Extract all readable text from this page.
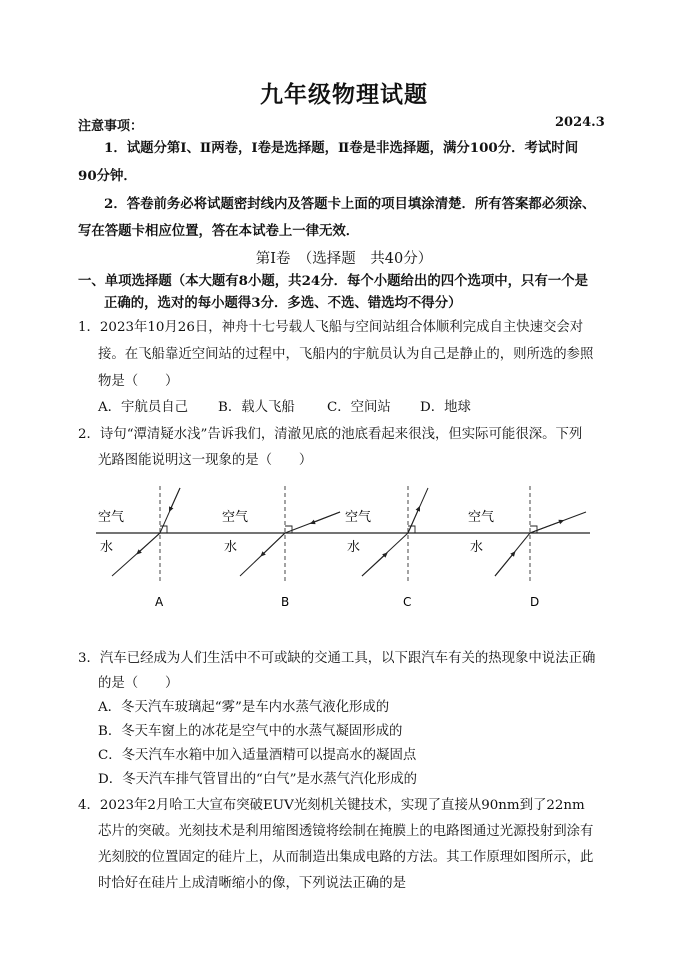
九年级物理试题
注意事项：	2024.3
1．试题分第Ⅰ、Ⅱ两卷，Ⅰ卷是选择题，Ⅱ卷是非选择题，满分100分．考试时间
90分钟．
2．答卷前务必将试题密封线内及答题卡上面的项目填涂清楚．所有答案都必须涂、
写在答题卡相应位置，答在本试卷上一律无效．
第Ⅰ卷　（选择题　共40分）
一、单项选择题（本大题有8小题，共24分．每个小题给出的四个选项中，只有一个是
正确的，选对的每小题得3分．多选、不选、错选均不得分）
1．2023年10月26日，神舟十七号载人飞船与空间站组合体顺利完成自主快速交会对
接。在飞船靠近空间站的过程中，飞船内的宇航员认为自己是静止的，则所选的参照
物是（　　）
A．宇航员自己 B．载人飞船 C．空间站 D．地球
2．诗句“潭清疑水浅”告诉我们，清澈见底的池底看起来很浅，但实际可能很深。下列
光路图能说明这一现象的是（　　）
空气
水
A
空气
水
B
空气
水
C
空气
水
D
3．汽车已经成为人们生活中不可或缺的交通工具，以下跟汽车有关的热现象中说法正确
的是（　　）
A．冬天汽车玻璃起“雾”是车内水蒸气液化形成的
B．冬天车窗上的冰花是空气中的水蒸气凝固形成的
C．冬天汽车水箱中加入适量酒精可以提高水的凝固点
D．冬天汽车排气管冒出的“白气”是水蒸气汽化形成的
4．2023年2月哈工大宣布突破EUV光刻机关键技术，实现了直接从90nm到了22nm
芯片的突破。光刻技术是利用缩图透镜将绘制在掩膜上的电路图通过光源投射到涂有
光刻胶的位置固定的硅片上，从而制造出集成电路的方法。其工作原理如图所示，此
时恰好在硅片上成清晰缩小的像，下列说法正确的是
